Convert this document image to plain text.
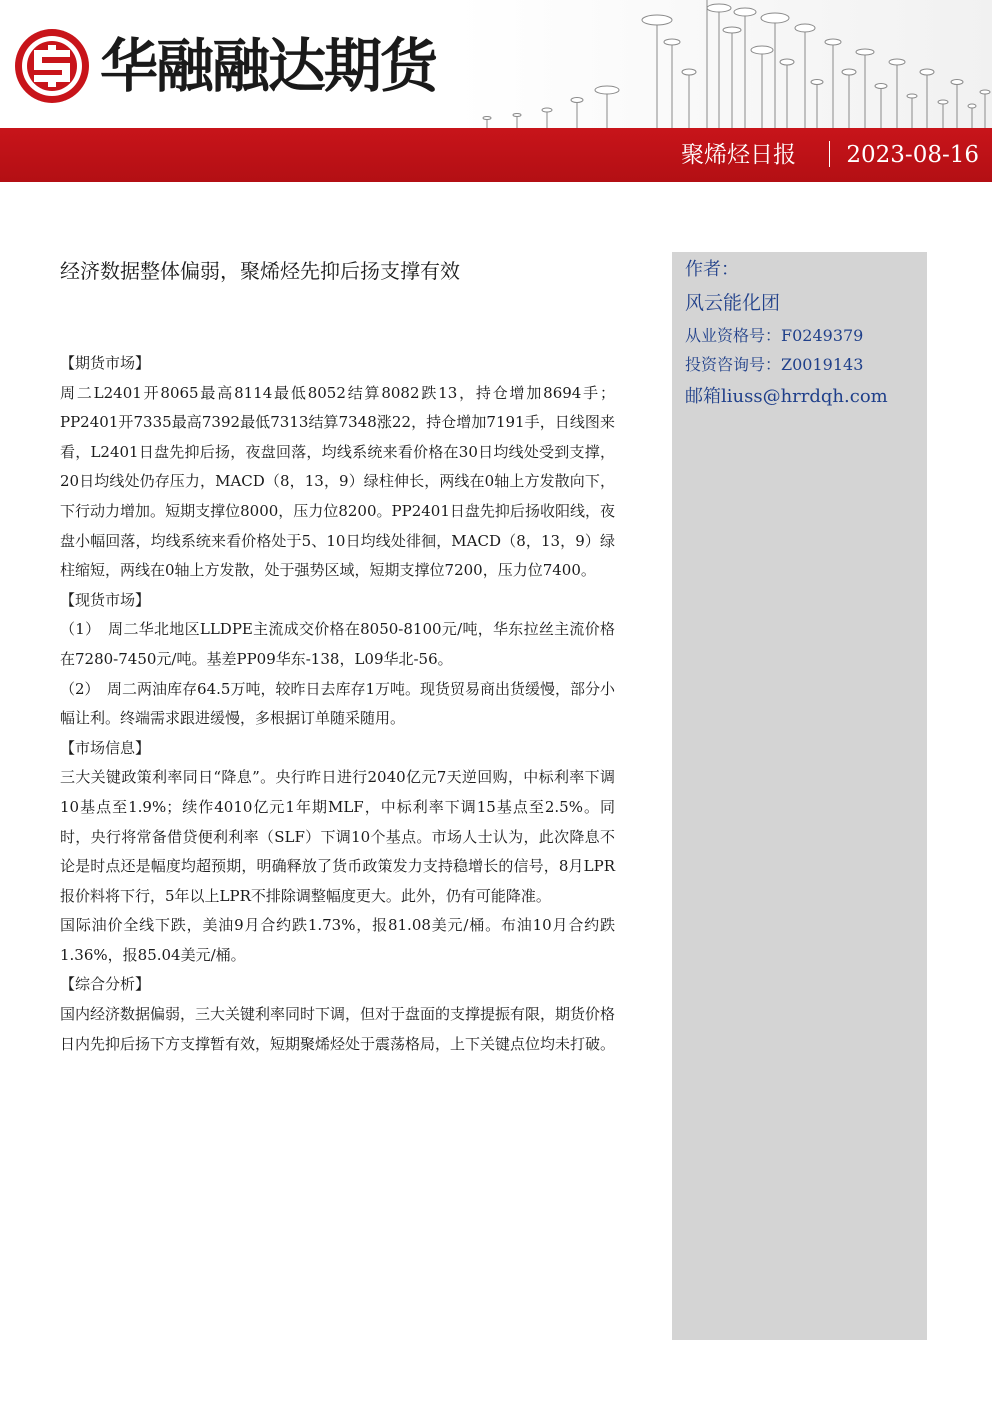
华融融达期货
聚烯烃日报 2023-08-16
经济数据整体偏弱，聚烯烃先抑后扬支撑有效	作者：
风云能化团
从业资格号：F0249379
投资咨询号：Z0019143
邮箱liuss@hrrdqh.com

【期货市场】

周二L2401开8065最高8114最低8052结算8082跌13，持仓增加8694手；PP2401开7335最高7392最低7313结算7348涨22，持仓增加7191手，日线图来看，L2401日盘先抑后扬，夜盘回落，均线系统来看价格在30日均线处受到支撑，20日均线处仍存压力，MACD（8，13，9）绿柱伸长，两线在0轴上方发散向下，下行动力增加。短期支撑位8000，压力位8200。PP2401日盘先抑后扬收阳线，夜盘小幅回落，均线系统来看价格处于5、10日均线处徘徊，MACD（8，13，9）绿柱缩短，两线在0轴上方发散，处于强势区域，短期支撑位7200，压力位7400。

【现货市场】

（1）　周二华北地区LLDPE主流成交价格在8050-8100元/吨，华东拉丝主流价格在7280-7450元/吨。基差PP09华东-138，L09华北-56。

（2）　周二两油库存64.5万吨，较昨日去库存1万吨。现货贸易商出货缓慢，部分小幅让利。终端需求跟进缓慢，多根据订单随采随用。

【市场信息】

三大关键政策利率同日“降息”。央行昨日进行2040亿元7天逆回购，中标利率下调10基点至1.9%；续作4010亿元1年期MLF，中标利率下调15基点至2.5%。同时，央行将常备借贷便利利率（SLF）下调10个基点。市场人士认为，此次降息不论是时点还是幅度均超预期，明确释放了货币政策发力支持稳增长的信号，8月LPR报价料将下行，5年以上LPR不排除调整幅度更大。此外，仍有可能降准。

国际油价全线下跌，美油9月合约跌1.73%，报81.08美元/桶。布油10月合约跌1.36%，报85.04美元/桶。

【综合分析】

国内经济数据偏弱，三大关键利率同时下调，但对于盘面的支撑提振有限，期货价格日内先抑后扬下方支撑暂有效，短期聚烯烃处于震荡格局，上下关键点位均未打破。
